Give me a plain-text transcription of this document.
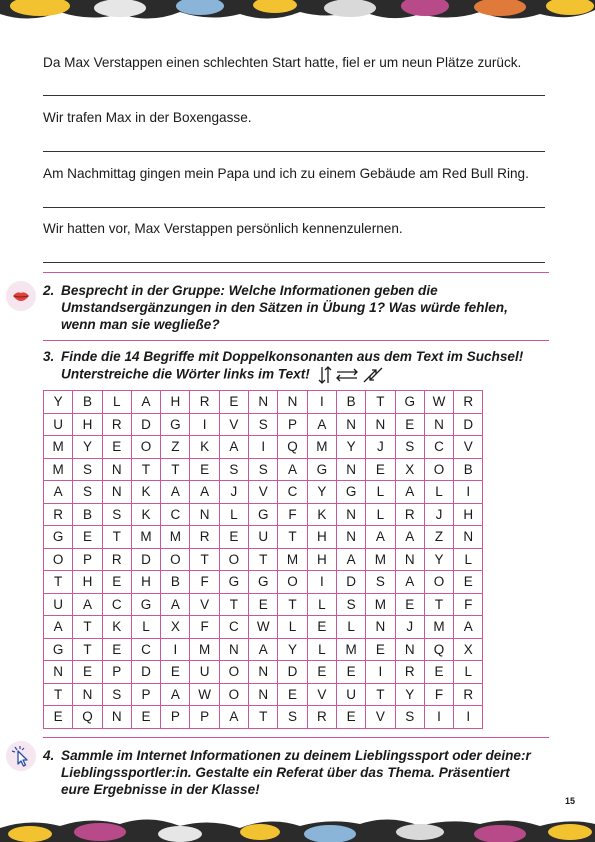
Da Max Verstappen einen schlechten Start hatte, fiel er um neun Plätze zurück.
Wir trafen Max in der Boxengasse.
Am Nachmittag gingen mein Papa und ich zu einem Gebäude am Red Bull Ring.
Wir hatten vor, Max Verstappen persönlich kennenzulernen.
2. Besprecht in der Gruppe: Welche Informationen geben die
Umstandsergänzungen in den Sätzen in Übung 1? Was würde fehlen,
wenn man sie wegließe?
3. Finde die 14 Begriffe mit Doppelkonsonanten aus dem Text im Suchsel!
Unterstreiche die Wörter links im Text!
Y	B	L	A	H	R	E	N	N	I	B	T	G	W	R
U	H	R	D	G	I	V	S	P	A	N	N	E	N	D
M	Y	E	O	Z	K	A	I	Q	M	Y	J	S	C	V
M	S	N	T	T	E	S	S	A	G	N	E	X	O	B
A	S	N	K	A	A	J	V	C	Y	G	L	A	L	I
R	B	S	K	C	N	L	G	F	K	N	L	R	J	H
G	E	T	M	M	R	E	U	T	H	N	A	A	Z	N
O	P	R	D	O	T	O	T	M	H	A	M	N	Y	L
T	H	E	H	B	F	G	G	O	I	D	S	A	O	E
U	A	C	G	A	V	T	E	T	L	S	M	E	T	F
A	T	K	L	X	F	C	W	L	E	L	N	J	M	A
G	T	E	C	I	M	N	A	Y	L	M	E	N	Q	X
N	E	P	D	E	U	O	N	D	E	E	I	R	E	L
T	N	S	P	A	W	O	N	E	V	U	T	Y	F	R
E	Q	N	E	P	P	A	T	S	R	E	V	S	I	I
4. Sammle im Internet Informationen zu deinem Lieblingssport oder deine:r
Lieblingssportler:in. Gestalte ein Referat über das Thema. Präsentiert
eure Ergebnisse in der Klasse!
15
